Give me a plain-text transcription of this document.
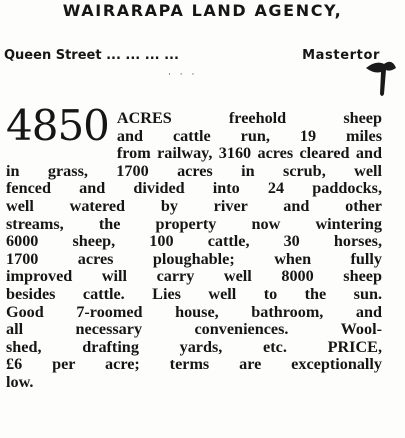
WAIRARAPA LAND AGENCY,
Queen Street ... ... ... ...	Mastertor
· · ·
4850 ACRES freehold sheep
and cattle run, 19 miles
from railway, 3160 acres cleared and
in grass, 1700 acres in scrub, well
fenced and divided into 24 paddocks,
well watered by river and other
streams, the property now wintering
6000 sheep, 100 cattle, 30 horses,
1700 acres ploughable; when fully
improved will carry well 8000 sheep
besides cattle. Lies well to the sun.
Good 7-roomed house, bathroom, and
all necessary conveniences. Wool-
shed, drafting yards, etc. PRICE,
£6 per acre; terms are exceptionally
low.
